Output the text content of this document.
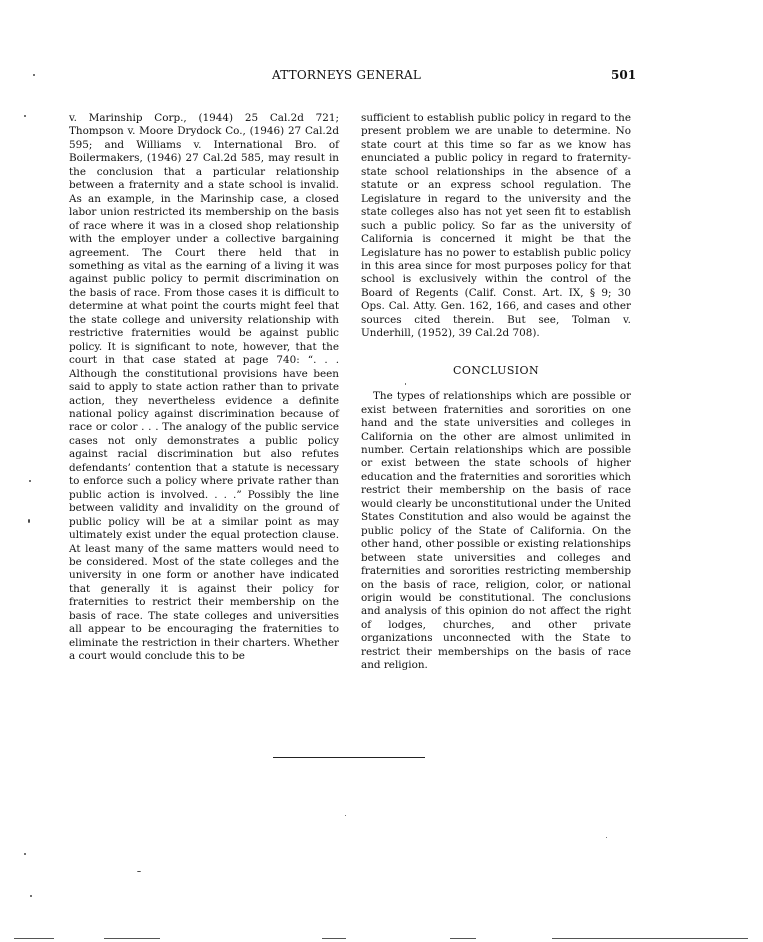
ATTORNEYS GENERAL	501

v. Marinship Corp., (1944) 25 Cal.2d 721; Thompson v. Moore Drydock Co., (1946) 27 Cal.2d 595; and Williams v. International Bro. of Boilermakers, (1946) 27 Cal.2d 585, may result in the conclusion that a particular relationship between a fraternity and a state school is invalid. As an example, in the Marinship case, a closed labor union restricted its membership on the basis of race where it was in a closed shop relationship with the employer under a collective bargaining agreement. The Court there held that in something as vital as the earning of a living it was against public policy to permit discrimination on the basis of race. From those cases it is difficult to determine at what point the courts might feel that the state college and university relationship with restrictive fraternities would be against public policy. It is significant to note, however, that the court in that case stated at page 740: “. . . Although the constitutional provisions have been said to apply to state action rather than to private action, they nevertheless evidence a definite national policy against discrimination because of race or color . . . The analogy of the public service cases not only demonstrates a public policy against racial discrimination but also refutes defendants’ contention that a statute is necessary to enforce such a policy where private rather than public action is involved. . . .” Possibly the line between validity and invalidity on the ground of public policy will be at a similar point as may ultimately exist under the equal protection clause. At least many of the same matters would need to be considered. Most of the state colleges and the university in one form or another have indicated that generally it is against their policy for fraternities to restrict their membership on the basis of race. The state colleges and universities all appear to be encouraging the fraternities to eliminate the restriction in their charters. Whether a court would conclude this to be

sufficient to establish public policy in regard to the present problem we are unable to determine. No state court at this time so far as we know has enunciated a public policy in regard to fraternity-state school relationships in the absence of a statute or an express school regulation. The Legislature in regard to the university and the state colleges also has not yet seen fit to establish such a public policy. So far as the university of California is concerned it might be that the Legislature has no power to establish public policy in this area since for most purposes policy for that school is exclusively within the control of the Board of Regents (Calif. Const. Art. IX, § 9; 30 Ops. Cal. Atty. Gen. 162, 166, and cases and other sources cited therein. But see, Tolman v. Underhill, (1952), 39 Cal.2d 708).

CONCLUSION

The types of relationships which are possible or exist between fraternities and sororities on one hand and the state universities and colleges in California on the other are almost unlimited in number. Certain relationships which are possible or exist between the state schools of higher education and the fraternities and sororities which restrict their membership on the basis of race would clearly be unconstitutional under the United States Constitution and also would be against the public policy of the State of California. On the other hand, other possible or existing relationships between state universities and colleges and fraternities and sororities restricting membership on the basis of race, religion, color, or national origin would be constitutional. The conclusions and analysis of this opinion do not affect the right of lodges, churches, and other private organizations unconnected with the State to restrict their memberships on the basis of race and religion.
